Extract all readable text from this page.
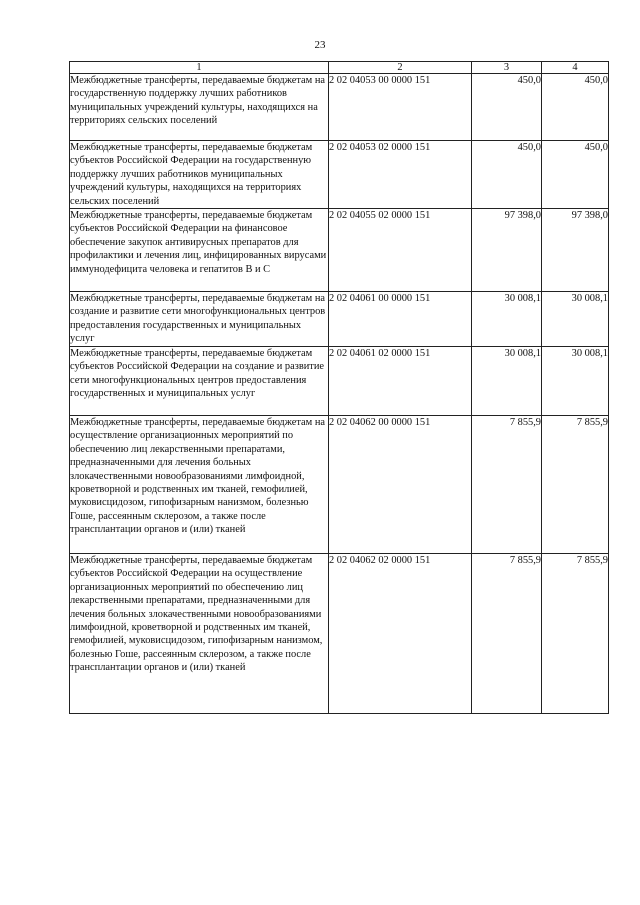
23
1	2	3	4
Межбюджетные трансферты, передаваемые бюджетам на государственную поддержку лучших работников муниципальных учреждений культуры, находящихся на территориях сельских поселений	2 02 04053 00 0000 151	450,0	450,0
Межбюджетные трансферты, передаваемые бюджетам субъектов Российской Федерации на государственную поддержку лучших работников муниципальных учреждений культуры, находящихся на территориях сельских поселений	2 02 04053 02 0000 151	450,0	450,0
Межбюджетные трансферты, передаваемые бюджетам субъектов Российской Федерации на финансовое обеспечение закупок антивирусных препаратов для профилактики и лечения лиц, инфицированных вирусами иммунодефицита человека и гепатитов В и С	2 02 04055 02 0000 151	97 398,0	97 398,0
Межбюджетные трансферты, передаваемые бюджетам на создание и развитие сети многофункциональных центров предоставления государственных и муниципальных услуг	2 02 04061 00 0000 151	30 008,1	30 008,1
Межбюджетные трансферты, передаваемые бюджетам субъектов Российской Федерации на создание и развитие сети многофункциональных центров предоставления государственных и муниципальных услуг	2 02 04061 02 0000 151	30 008,1	30 008,1
Межбюджетные трансферты, передаваемые бюджетам на осуществление организационных мероприятий по обеспечению лиц лекарственными препаратами, предназначенными для лечения больных злокачественными новообразованиями лимфоидной, кроветворной и родственных им тканей, гемофилией, муковисцидозом, гипофизарным нанизмом, болезнью Гоше, рассеянным склерозом, а также после трансплантации органов и (или) тканей	2 02 04062 00 0000 151	7 855,9	7 855,9
Межбюджетные трансферты, передаваемые бюджетам субъектов Российской Федерации на осуществление организационных мероприятий по обеспечению лиц лекарственными препаратами, предназначенными для лечения больных злокачественными новообразованиями лимфоидной, кроветворной и родственных им тканей, гемофилией, муковисцидозом, гипофизарным нанизмом, болезнью Гоше, рассеянным склерозом, а также после трансплантации органов и (или) тканей	2 02 04062 02 0000 151	7 855,9	7 855,9
